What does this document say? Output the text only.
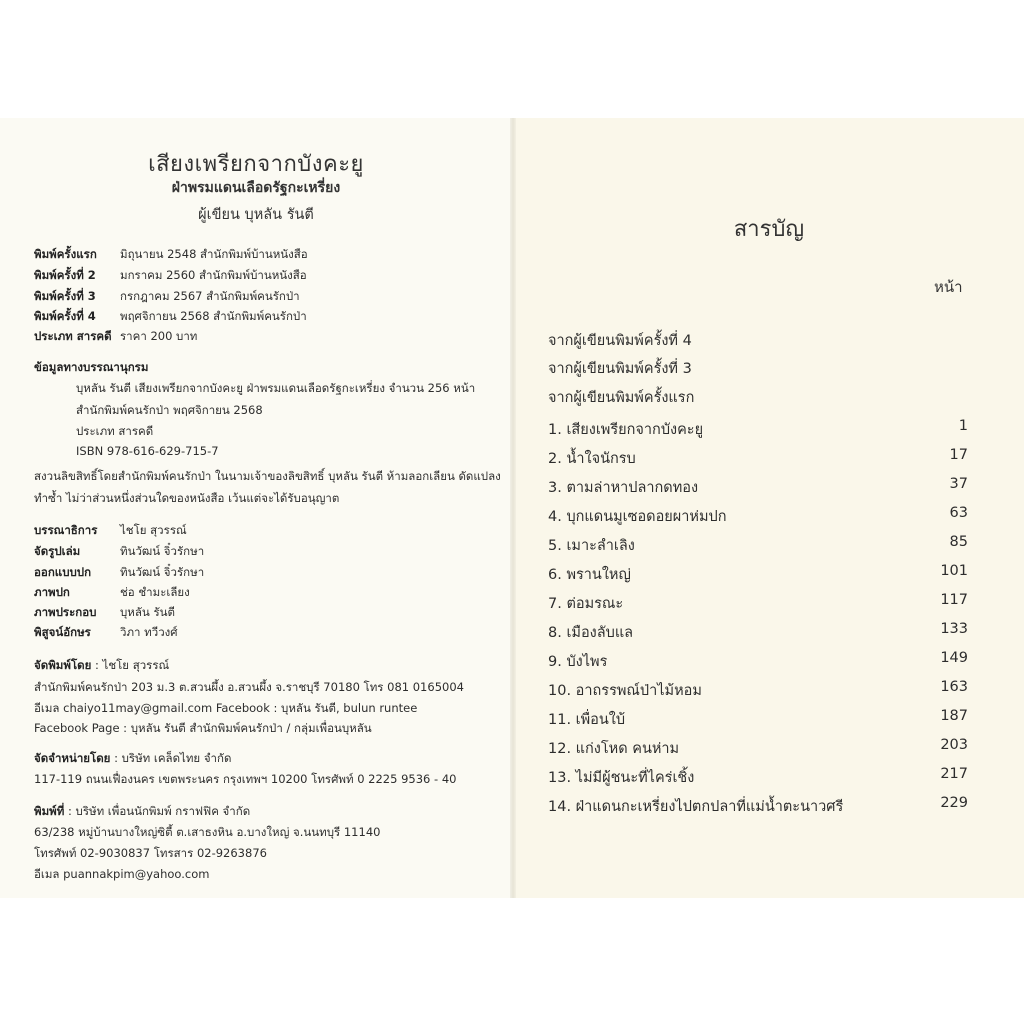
เสียงเพรียกจากบังคะยู
ฝ่าพรมแดนเลือดรัฐกะเหรี่ยง
ผู้เขียน บุหลัน รันตี
พิมพ์ครั้งแรก มิถุนายน 2548 สำนักพิมพ์บ้านหนังสือ
พิมพ์ครั้งที่ 2 มกราคม 2560 สำนักพิมพ์บ้านหนังสือ
พิมพ์ครั้งที่ 3 กรกฎาคม 2567 สำนักพิมพ์คนรักป่า
พิมพ์ครั้งที่ 4 พฤศจิกายน 2568 สำนักพิมพ์คนรักป่า
ประเภท สารคดี ราคา 200 บาท
ข้อมูลทางบรรณานุกรม
บุหลัน รันตี เสียงเพรียกจากบังคะยู ฝ่าพรมแดนเลือดรัฐกะเหรี่ยง จำนวน 256 หน้า
สำนักพิมพ์คนรักป่า พฤศจิกายน 2568
ประเภท สารคดี
ISBN 978-616-629-715-7
สงวนลิขสิทธิ์โดยสำนักพิมพ์คนรักป่า ในนามเจ้าของลิขสิทธิ์ บุหลัน รันตี ห้ามลอกเลียน ดัดแปลง
ทำซ้ำ ไม่ว่าส่วนหนึ่งส่วนใดของหนังสือ เว้นแต่จะได้รับอนุญาต
บรรณาธิการ ไชโย สุวรรณ์
จัดรูปเล่ม	ทินวัฒน์ จิ๋วรักษา
ออกแบบปก	ทินวัฒน์ จิ๋วรักษา
ภาพปก	ช่อ ชำมะเลียง
ภาพประกอบ บุหลัน รันตี
พิสูจน์อักษร	วิภา ทวีวงศ์
จัดพิมพ์โดย : ไชโย สุวรรณ์
สำนักพิมพ์คนรักป่า 203 ม.3 ต.สวนผึ้ง อ.สวนผึ้ง จ.ราชบุรี 70180 โทร 081 0165004
อีเมล chaiyo11may@gmail.com Facebook : บุหลัน รันตี, bulun runtee
Facebook Page : บุหลัน รันตี สำนักพิมพ์คนรักป่า / กลุ่มเพื่อนบุหลัน
จัดจำหน่ายโดย : บริษัท เคล็ดไทย จำกัด
117-119 ถนนเฟื่องนคร เขตพระนคร กรุงเทพฯ 10200 โทรศัพท์ 0 2225 9536 - 40
พิมพ์ที่ : บริษัท เพื่อนนักพิมพ์ กราฟฟิค จำกัด
63/238 หมู่บ้านบางใหญ่ซิตี้ ต.เสาธงหิน อ.บางใหญ่ จ.นนทบุรี 11140
โทรศัพท์ 02-9030837 โทรสาร 02-9263876
อีเมล puannakpim@yahoo.com
สารบัญ
หน้า
จากผู้เขียนพิมพ์ครั้งที่ 4
จากผู้เขียนพิมพ์ครั้งที่ 3
จากผู้เขียนพิมพ์ครั้งแรก
1. เสียงเพรียกจากบังคะยู	1
2. น้ำใจนักรบ	17
3. ตามล่าหาปลากดทอง	37
4. บุกแดนมูเซอดอยผาห่มปก	63
5. เมาะลำเลิง	85
6. พรานใหญ่	101
7. ต่อมรณะ	117
8. เมืองลับแล	133
9. บังไพร	149
10. อาถรรพณ์ป่าไม้หอม	163
11. เพื่อนใบ้	187
12. แก่งโหด คนห่าม	203
13. ไม่มีผู้ชนะที่ไคร่เชิ้ง	217
14. ฝ่าแดนกะเหรี่ยงไปตกปลาที่แม่น้ำตะนาวศรี	229
